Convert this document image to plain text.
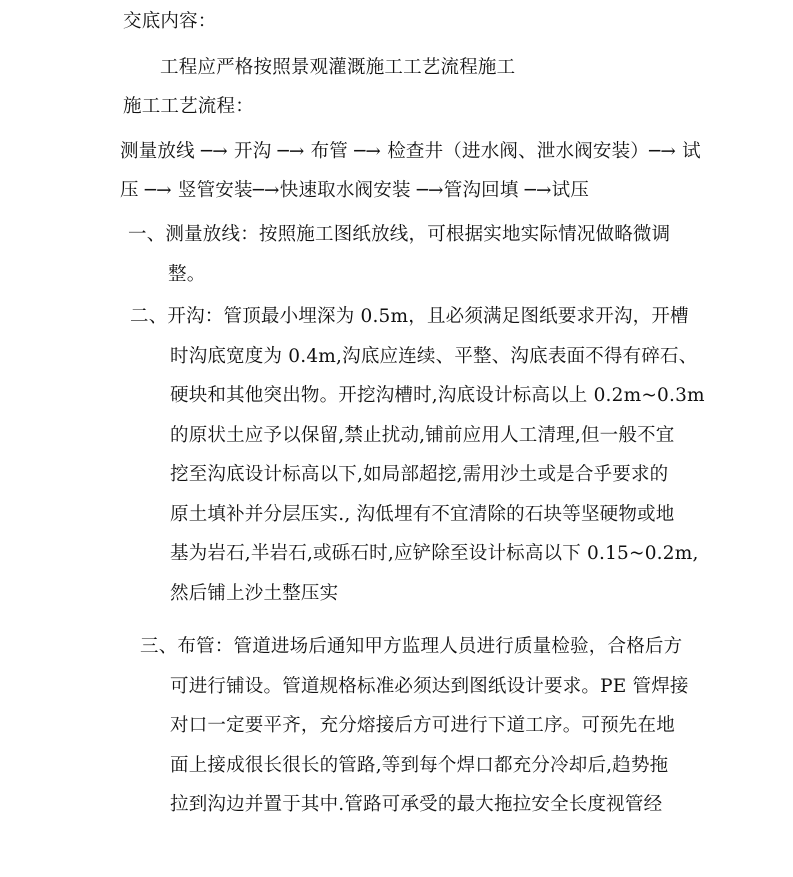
交底内容：
工程应严格按照景观灌溉施工工艺流程施工
施工工艺流程：
测量放线 ─→ 开沟 ─→ 布管 ─→ 检查井（进水阀、泄水阀安装）─→ 试
压 ─→ 竖管安装─→快速取水阀安装 ─→管沟回填 ─→试压
一、测量放线：按照施工图纸放线，可根据实地实际情况做略微调
整。
二、开沟：管顶最小埋深为 0.5m，且必须满足图纸要求开沟，开槽
时沟底宽度为 0.4m,沟底应连续、平整、沟底表面不得有碎石、
硬块和其他突出物。开挖沟槽时,沟底设计标高以上 0.2m~0.3m
的原状土应予以保留,禁止扰动,铺前应用人工清理,但一般不宜
挖至沟底设计标高以下,如局部超挖,需用沙土或是合乎要求的
原土填补并分层压实., 沟低埋有不宜清除的石块等坚硬物或地
基为岩石,半岩石,或砾石时,应铲除至设计标高以下 0.15~0.2m,
然后铺上沙土整压实
三、布管：管道进场后通知甲方监理人员进行质量检验，合格后方
可进行铺设。管道规格标准必须达到图纸设计要求。PE 管焊接
对口一定要平齐，充分熔接后方可进行下道工序。可预先在地
面上接成很长很长的管路,等到每个焊口都充分冷却后,趋势拖
拉到沟边并置于其中.管路可承受的最大拖拉安全长度视管经
